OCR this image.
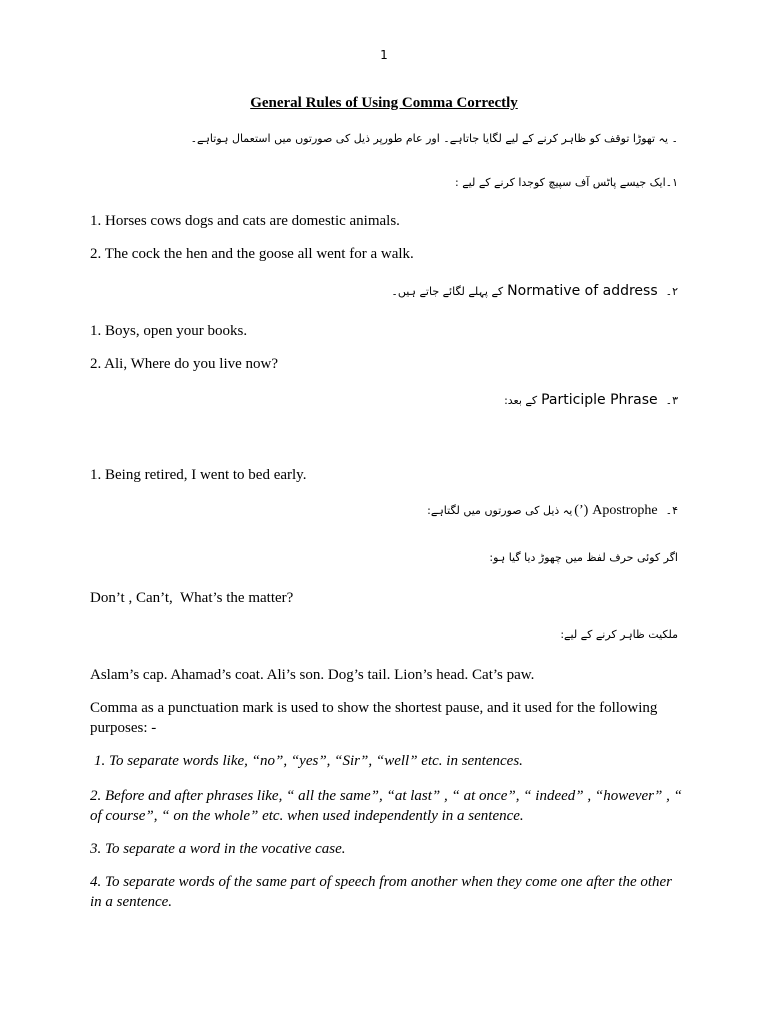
1
General Rules of Using Comma Correctly
۔ یہ تھوڑا توقف کو ظاہر کرنے کے لیے لگایا جاتاہے۔ اور عام طورپر ذیل کی صورتوں میں استعمال ہوتاہے۔
۱۔ایک جیسے پاٹس آف سپیچ کوجدا کرنے کے لیے :
1. Horses cows dogs and cats are domestic animals.
2. The cock the hen and the goose all went for a walk.
۲۔Normative of addressکے پہلے لگائے جاتے ہیں۔
1. Boys, open your books.
2. Ali, Where do you live now?
۳۔Participle Phraseکے بعد:
1. Being retired, I went to bed early.
۴۔Apostrophe(’)یہ ذیل کی صورتوں میں لگتاہے:
اگر کوئی حرف لفظ میں چھوڑ دیا گیا ہو:
Don’t , Can’t,  What’s the matter?
ملکیت ظاہر کرنے کے لیے:
Aslam’s cap. Ahamad’s coat. Ali’s son. Dog’s tail. Lion’s head. Cat’s paw.
Comma as a punctuation mark is used to show the shortest pause, and it used for the following purposes: -
1. To separate words like, “no”, “yes”, “Sir”, “well” etc. in sentences.
2. Before and after phrases like, “ all the same”, “at last” , “ at once”, “ indeed” , “however” , “ of course”, “ on the whole” etc. when used independently in a sentence.
3. To separate a word in the vocative case.
4. To separate words of the same part of speech from another when they come one after the other in a sentence.
